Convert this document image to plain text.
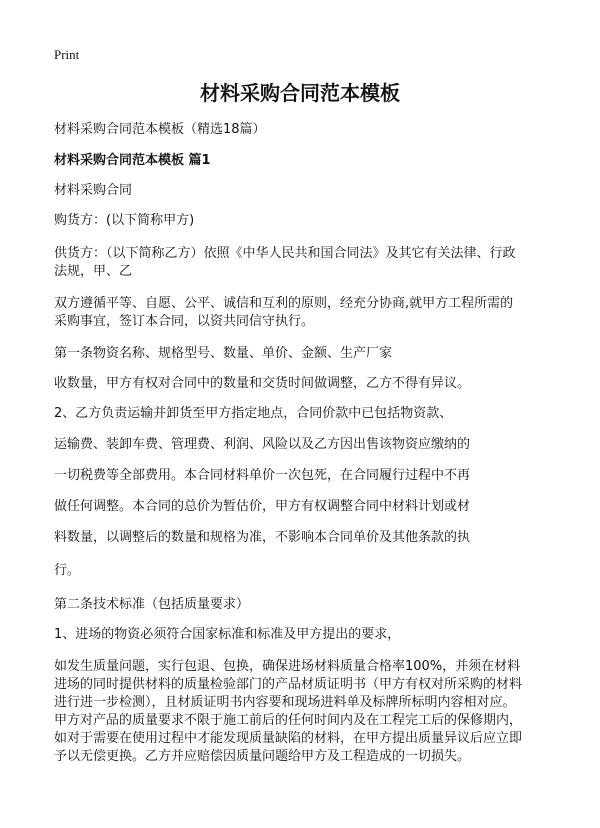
Print
材料采购合同范本模板
材料采购合同范本模板（精选18篇）
材料采购合同范本模板 篇1
材料采购合同
购货方：(以下简称甲方)
供货方：（以下简称乙方）依照《中华人民共和国合同法》及其它有关法律、行政
法规，甲、乙
双方遵循平等、自愿、公平、诚信和互利的原则，经充分协商,就甲方工程所需的
采购事宜，签订本合同，以资共同信守执行。
第一条物资名称、规格型号、数量、单价、金额、生产厂家
收数量，甲方有权对合同中的数量和交货时间做调整，乙方不得有异议。
2、乙方负责运输并卸货至甲方指定地点，合同价款中已包括物资款、
运输费、装卸车费、管理费、利润、风险以及乙方因出售该物资应缴纳的
一切税费等全部费用。本合同材料单价一次包死，在合同履行过程中不再
做任何调整。本合同的总价为暂估价，甲方有权调整合同中材料计划或材
料数量，以调整后的数量和规格为准，不影响本合同单价及其他条款的执
行。
第二条技术标准（包括质量要求）
1、进场的物资必须符合国家标准和标准及甲方提出的要求，
如发生质量问题，实行包退、包换，确保进场材料质量合格率100%，并须在材料
进场的同时提供材料的质量检验部门的产品材质证明书（甲方有权对所采购的材料
进行进一步检测），且材质证明书内容要和现场进料单及标牌所标明内容相对应。
甲方对产品的质量要求不限于施工前后的任何时间内及在工程完工后的保修期内，
如对于需要在使用过程中才能发现质量缺陷的材料，在甲方提出质量异议后应立即
予以无偿更换。乙方并应赔偿因质量问题给甲方及工程造成的一切损失。
